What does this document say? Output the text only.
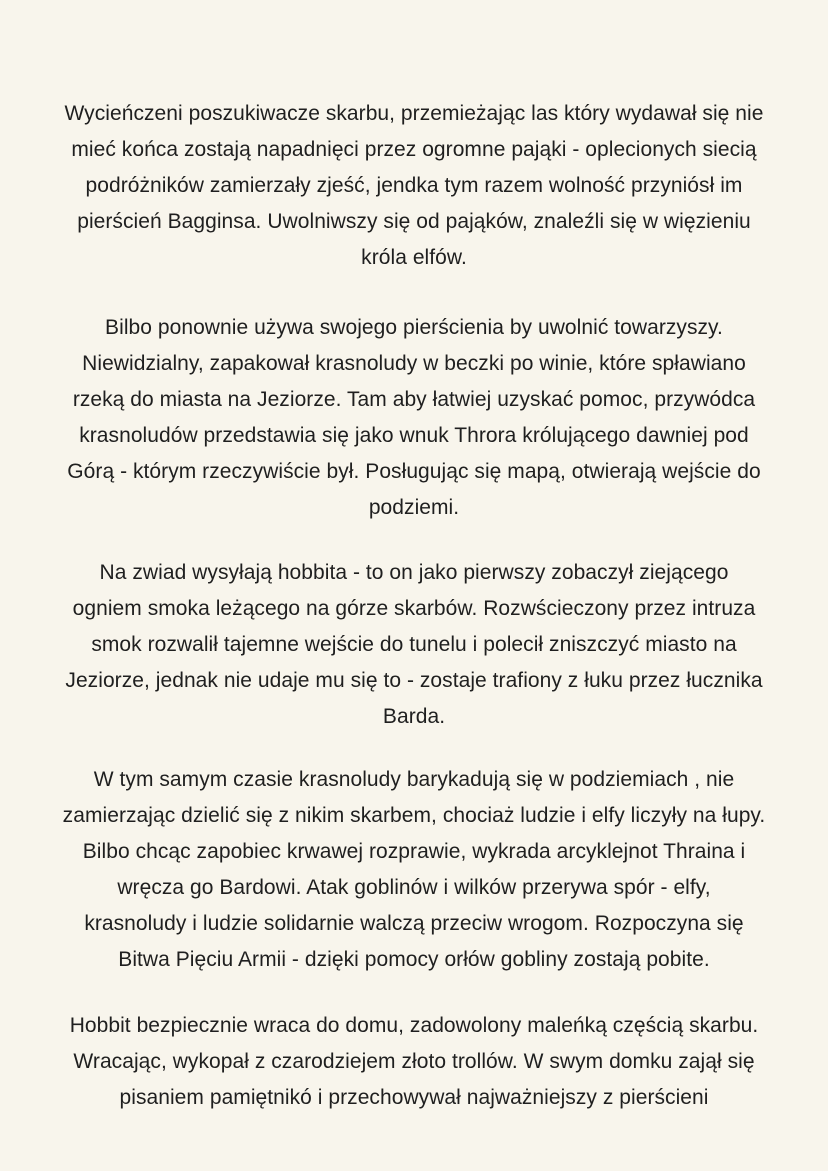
Wycieńczeni poszukiwacze skarbu, przemieżając las który wydawał się nie
mieć końca zostają napadnięci przez ogromne pająki - oplecionych siecią
podróżników zamierzały zjeść, jendka tym razem wolność przyniósł im
pierścień Bagginsa. Uwolniwszy się od pająków, znaleźli się w więzieniu
króla elfów.

Bilbo ponownie używa swojego pierścienia by uwolnić towarzyszy.
Niewidzialny, zapakował krasnoludy w beczki po winie, które spławiano
rzeką do miasta na Jeziorze. Tam aby łatwiej uzyskać pomoc, przywódca
krasnoludów przedstawia się jako wnuk Throra królującego dawniej pod
Górą - którym rzeczywiście był. Posługując się mapą, otwierają wejście do
podziemi.

Na zwiad wysyłają hobbita - to on jako pierwszy zobaczył ziejącego
ogniem smoka leżącego na górze skarbów. Rozwścieczony przez intruza
smok rozwalił tajemne wejście do tunelu i polecił zniszczyć miasto na
Jeziorze, jednak nie udaje mu się to - zostaje trafiony z łuku przez łucznika
Barda.

W tym samym czasie krasnoludy barykadują się w podziemiach , nie
zamierzając dzielić się z nikim skarbem, chociaż ludzie i elfy liczyły na łupy.
Bilbo chcąc zapobiec krwawej rozprawie, wykrada arcyklejnot Thraina i
wręcza go Bardowi. Atak goblinów i wilków przerywa spór - elfy,
krasnoludy i ludzie solidarnie walczą przeciw wrogom. Rozpoczyna się
Bitwa Pięciu Armii - dzięki pomocy orłów gobliny zostają pobite.

Hobbit bezpiecznie wraca do domu, zadowolony maleńką częścią skarbu.
Wracając, wykopał z czarodziejem złoto trollów. W swym domku zajął się
pisaniem pamiętnikó i przechowywał najważniejszy z pierścieni
